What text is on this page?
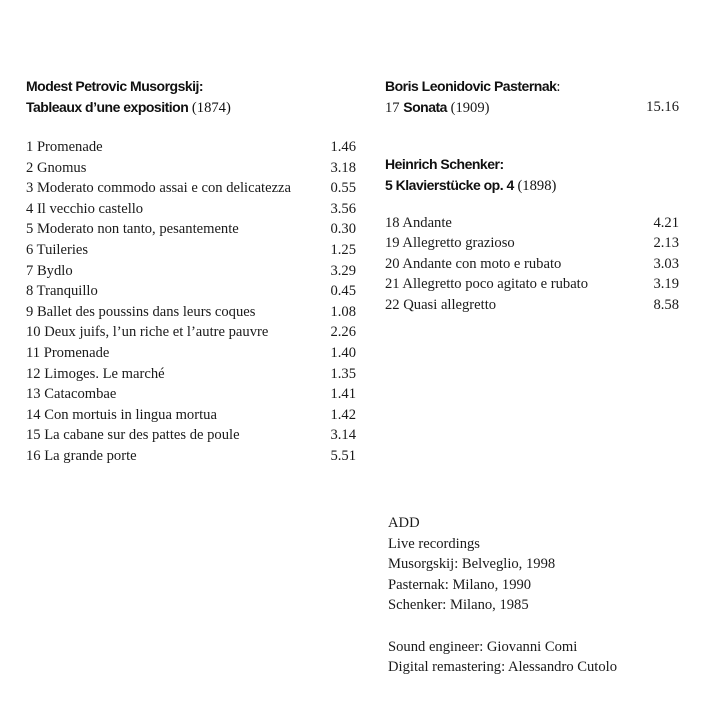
Modest Petrovic Musorgskij:
Tableaux d’une exposition (1874)
1 Promenade	1.46
2 Gnomus	3.18
3 Moderato commodo assai e con delicatezza	0.55
4 Il vecchio castello	3.56
5 Moderato non tanto, pesantemente	0.30
6 Tuileries	1.25
7 Bydlo	3.29
8 Tranquillo	0.45
9 Ballet des poussins dans leurs coques	1.08
10 Deux juifs, l’un riche et l’autre pauvre	2.26
11 Promenade	1.40
12 Limoges. Le marché	1.35
13 Catacombae	1.41
14 Con mortuis in lingua mortua	1.42
15 La cabane sur des pattes de poule	3.14
16 La grande porte	5.51
Boris Leonidovic Pasternak:
17 Sonata (1909)	15.16
Heinrich Schenker:
5 Klavierstücke op. 4 (1898)
18 Andante	4.21
19 Allegretto grazioso	2.13
20 Andante con moto e rubato	3.03
21 Allegretto poco agitato e rubato	3.19
22 Quasi allegretto	8.58
ADD
Live recordings
Musorgskij: Belveglio, 1998
Pasternak: Milano, 1990
Schenker: Milano, 1985
Sound engineer: Giovanni Comi
Digital remastering: Alessandro Cutolo
